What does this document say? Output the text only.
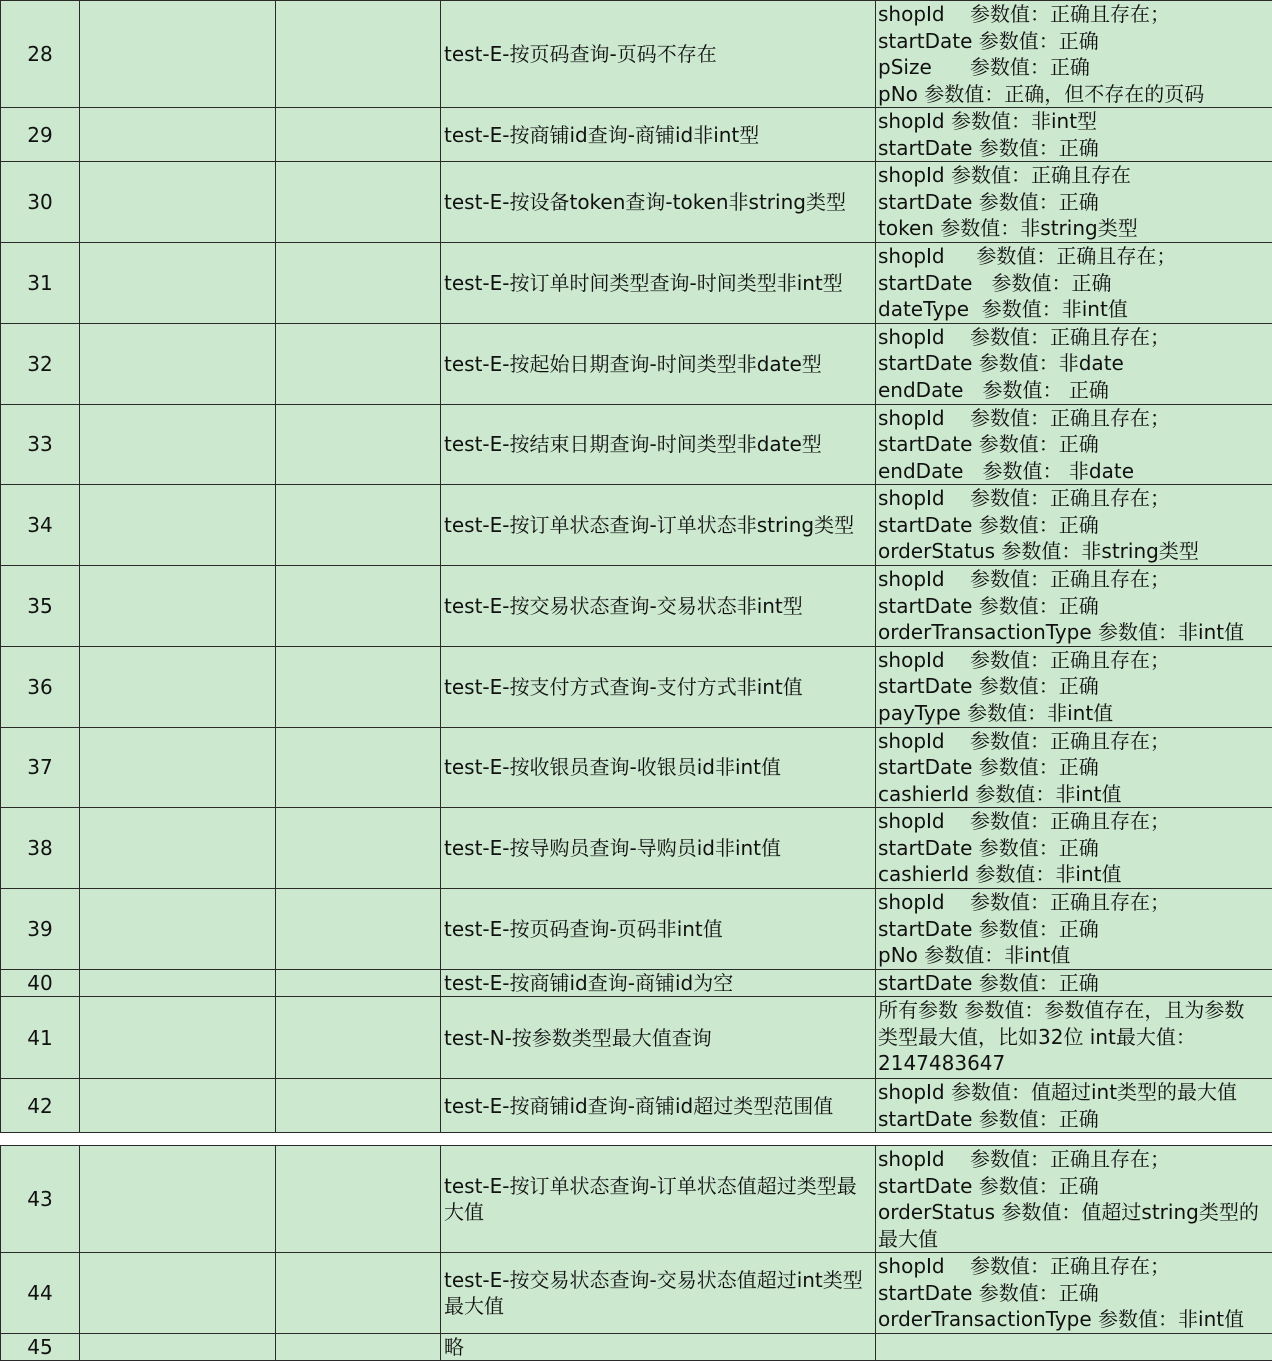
28			test-E-按页码查询-页码不存在	shopId    参数值：正确且存在；
startDate 参数值：正确
pSize      参数值：正确
pNo 参数值：正确，但不存在的页码

29			test-E-按商铺id查询-商铺id非int型	shopId 参数值：非int型
startDate 参数值：正确

30			test-E-按设备token查询-token非string类型	shopId 参数值：正确且存在
startDate 参数值：正确
token 参数值：非string类型

31			test-E-按订单时间类型查询-时间类型非int型	shopId     参数值：正确且存在；
startDate   参数值：正确
dateType  参数值：非int值

32			test-E-按起始日期查询-时间类型非date型	shopId    参数值：正确且存在；
startDate 参数值：非date
endDate   参数值： 正确

33			test-E-按结束日期查询-时间类型非date型	shopId    参数值：正确且存在；
startDate 参数值：正确
endDate   参数值： 非date

34			test-E-按订单状态查询-订单状态非string类型	shopId    参数值：正确且存在；
startDate 参数值：正确
orderStatus 参数值：非string类型

35			test-E-按交易状态查询-交易状态非int型	shopId    参数值：正确且存在；
startDate 参数值：正确
orderTransactionType 参数值：非int值

36			test-E-按支付方式查询-支付方式非int值	shopId    参数值：正确且存在；
startDate 参数值：正确
payType 参数值：非int值

37			test-E-按收银员查询-收银员id非int值	shopId    参数值：正确且存在；
startDate 参数值：正确
cashierId 参数值：非int值

38			test-E-按导购员查询-导购员id非int值	shopId    参数值：正确且存在；
startDate 参数值：正确
cashierId 参数值：非int值

39			test-E-按页码查询-页码非int值	shopId    参数值：正确且存在；
startDate 参数值：正确
pNo 参数值：非int值

40			test-E-按商铺id查询-商铺id为空	startDate 参数值：正确

41			test-N-按参数类型最大值查询	所有参数 参数值：参数值存在，且为参数
类型最大值，比如32位 int最大值：
2147483647

42			test-E-按商铺id查询-商铺id超过类型范围值	shopId 参数值：值超过int类型的最大值
startDate 参数值：正确
43			test-E-按订单状态查询-订单状态值超过类型最大值	shopId    参数值：正确且存在；
startDate 参数值：正确
orderStatus 参数值：值超过string类型的
最大值

44			test-E-按交易状态查询-交易状态值超过int类型最大值	shopId    参数值：正确且存在；
startDate 参数值：正确
orderTransactionType 参数值：非int值

45			略	
